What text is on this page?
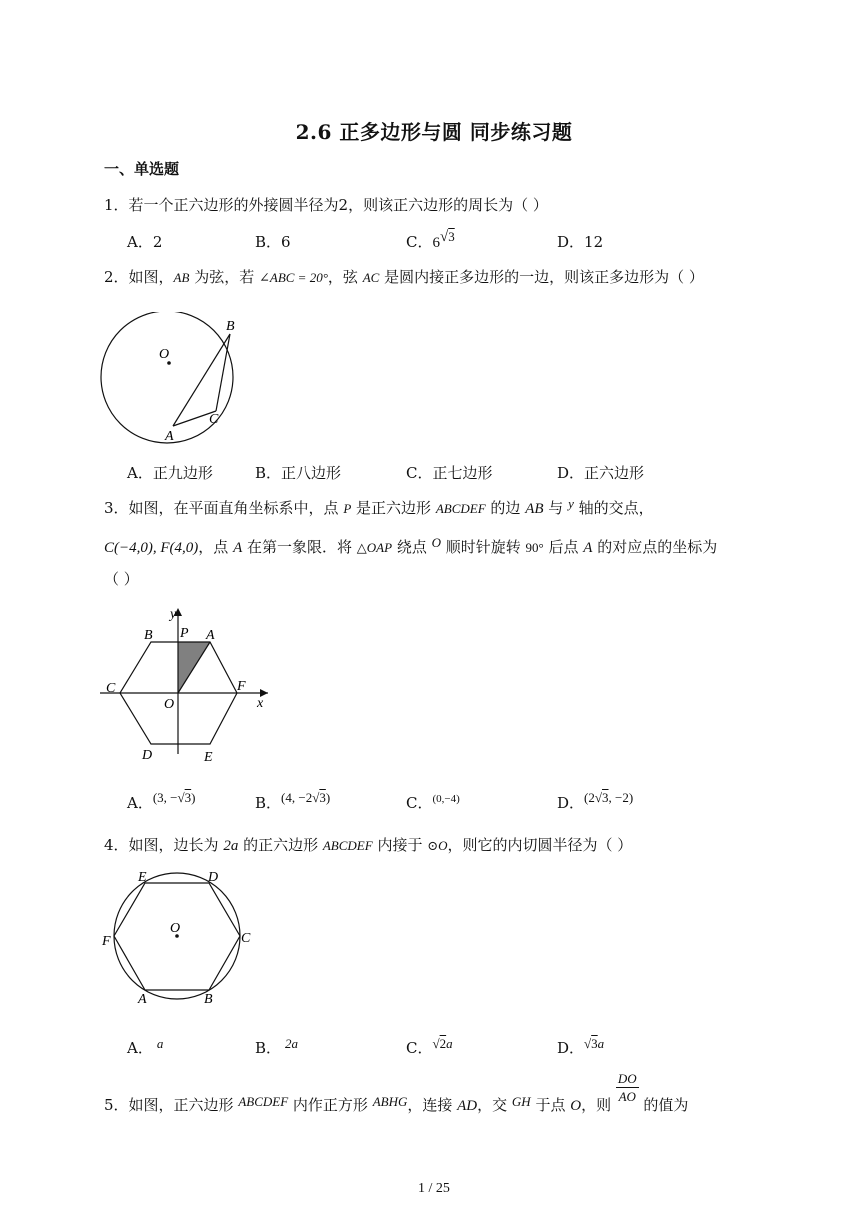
2.6 正多边形与圆 同步练习题
一、单选题
1．若一个正六边形的外接圆半径为2，则该正六边形的周长为（ ）
A．2	B．6	C．6√3	D．12
2．如图，AB 为弦，若 ∠ABC = 20°，弦 AC 是圆内接正多边形的一边，则该正多边形为（ ）
O
B
C
A
A．正九边形	B．正八边形	C．正七边形	D．正六边形
3．如图，在平面直角坐标系中，点 P 是正六边形 ABCDEF 的边 AB 与 y 轴的交点，
C(−4,0), F(4,0)，点 A 在第一象限．将 △OAP 绕点 O 顺时针旋转 90° 后点 A 的对应点的坐标为
（ ）
y
x
B P A
C	F
O
D	E
A．(3, −√3)	B．(4, −2√3)	C．$^{(0,-4)}$	D．(2√3, −2)
4．如图，边长为 2a 的正六边形 ABCDEF 内接于 ⊙O，则它的内切圆半径为（ ）
E	D
O
F	C
A	B
A． a	B． 2a	C．√2a	D．√3a
5．如图，正六边形 ABCDEF 内作正方形 ABHG，连接 AD，交 GH 于点 O，则
$\frac{DO}{AO}$
的值为
1 / 25
